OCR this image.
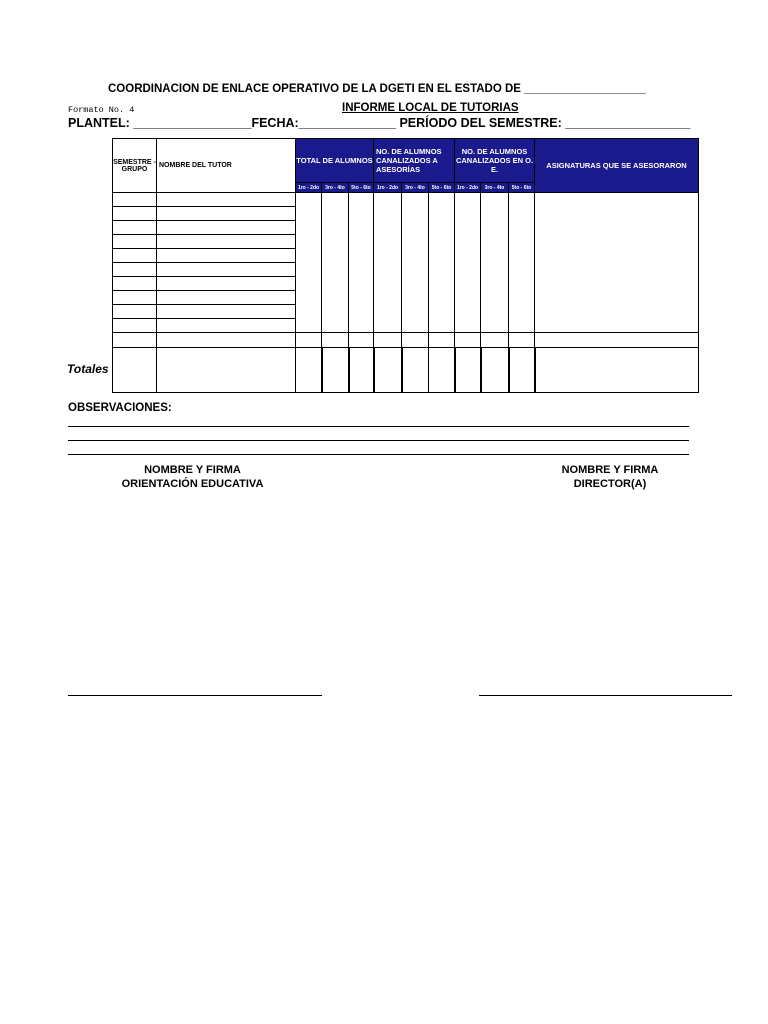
COORDINACION DE ENLACE OPERATIVO DE LA DGETI EN EL ESTADO DE ___________________
Formato No. 4	INFORME LOCAL DE TUTORIAS
PLANTEL: _________________FECHA:______________ PERÍODO DEL SEMESTRE: __________________
SEMESTRE -GRUPO	NOMBRE DEL TUTOR	TOTAL DE ALUMNOS			NO. DE ALUMNOS CANALIZADOS A ASESORÍAS			NO. DE ALUMNOS CANALIZADOS EN O. E.			ASIGNATURAS QUE SE ASESORARON
		1ro - 2do	3ro - 4to	5to - 6to	1ro - 2do	3ro - 4to	5to - 6to	1ro - 2do	3ro - 4to	5to - 6to	

Totales
OBSERVACIONES:
NOMBRE Y FIRMA
ORIENTACIÓN EDUCATIVA
NOMBRE Y FIRMA
DIRECTOR(A)
